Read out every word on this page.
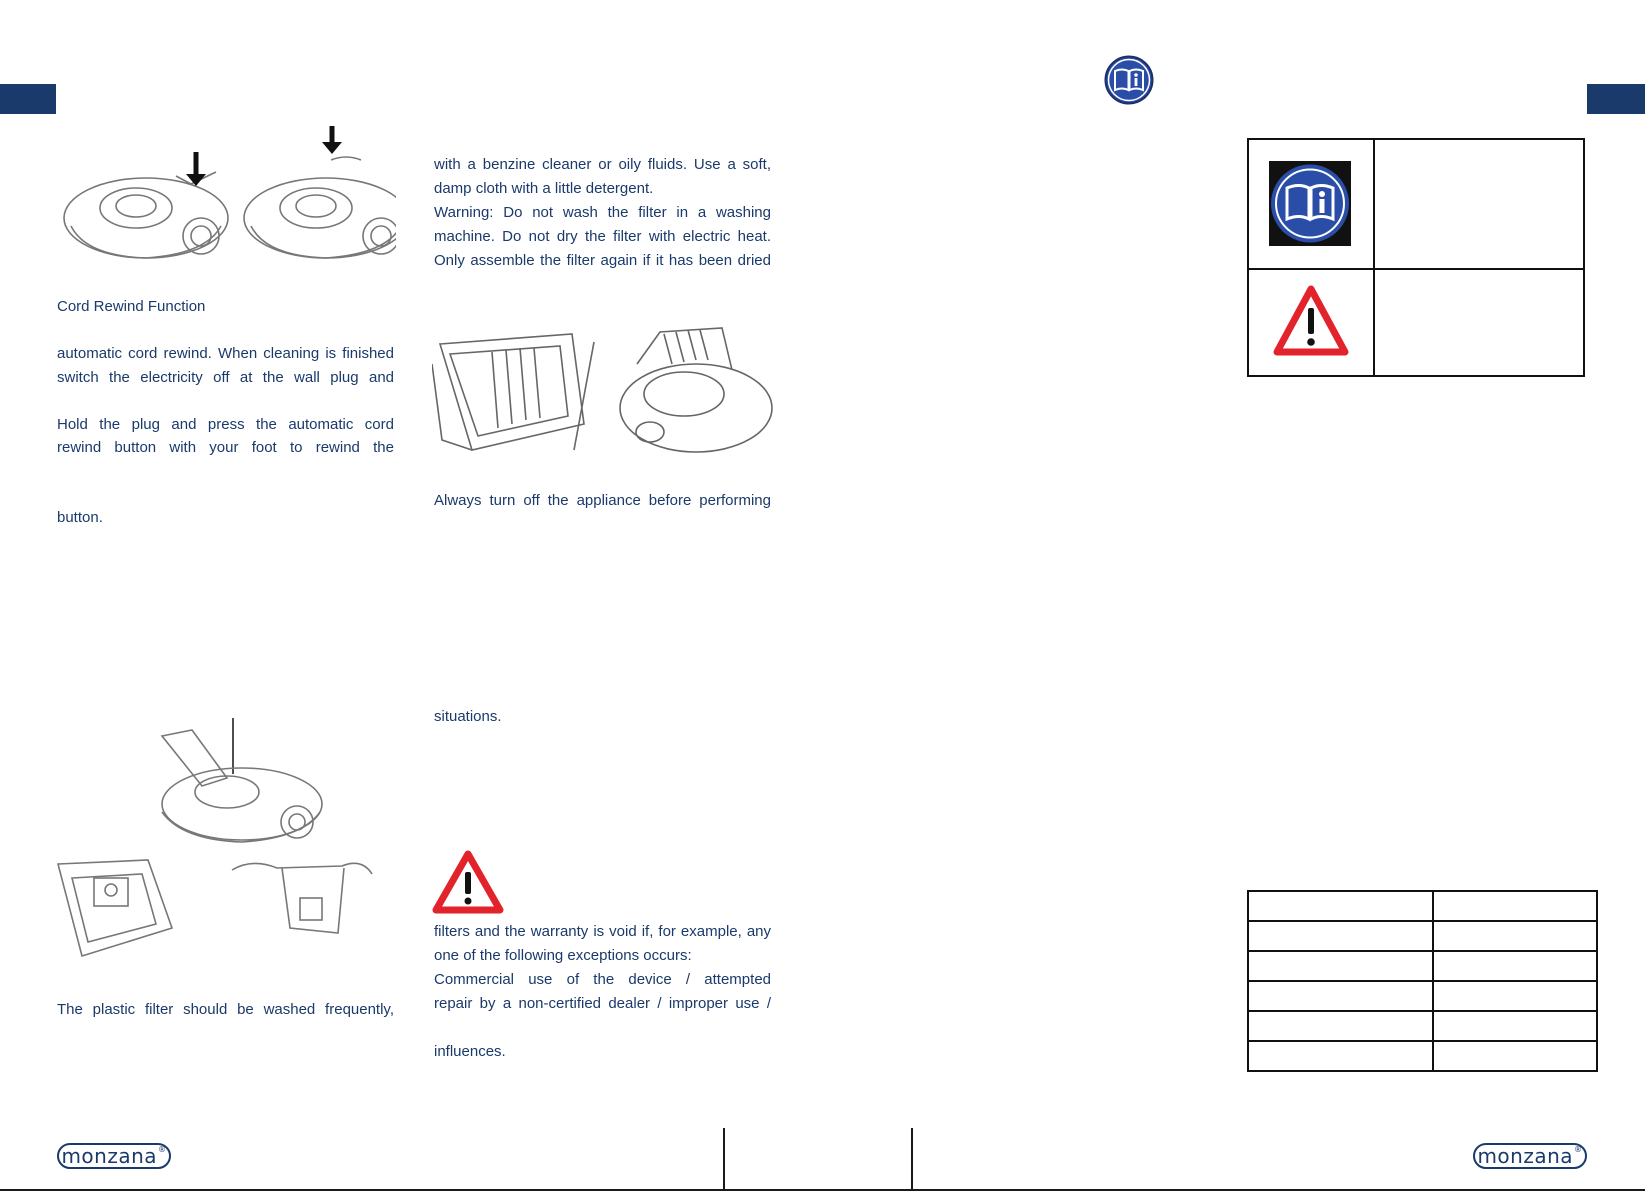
Cord Rewind Function

automatic cord rewind. When cleaning is finished

switch the electricity off at the wall plug and

Hold the plug and press the automatic cord

rewind button with your foot to rewind the

button.

The plastic filter should be washed frequently,

with a benzine cleaner or oily fluids. Use a soft,

damp cloth with a little detergent.

Warning: Do not wash the filter in a washing

machine. Do not dry the filter with electric heat.

Only assemble the filter again if it has been dried

Always turn off the appliance before performing

situations.

filters and the warranty is void if, for example, any

one of the following exceptions occurs:

Commercial use of the device / attempted

repair by a non-certified dealer / improper use /

influences.

monzana®	monzana®
